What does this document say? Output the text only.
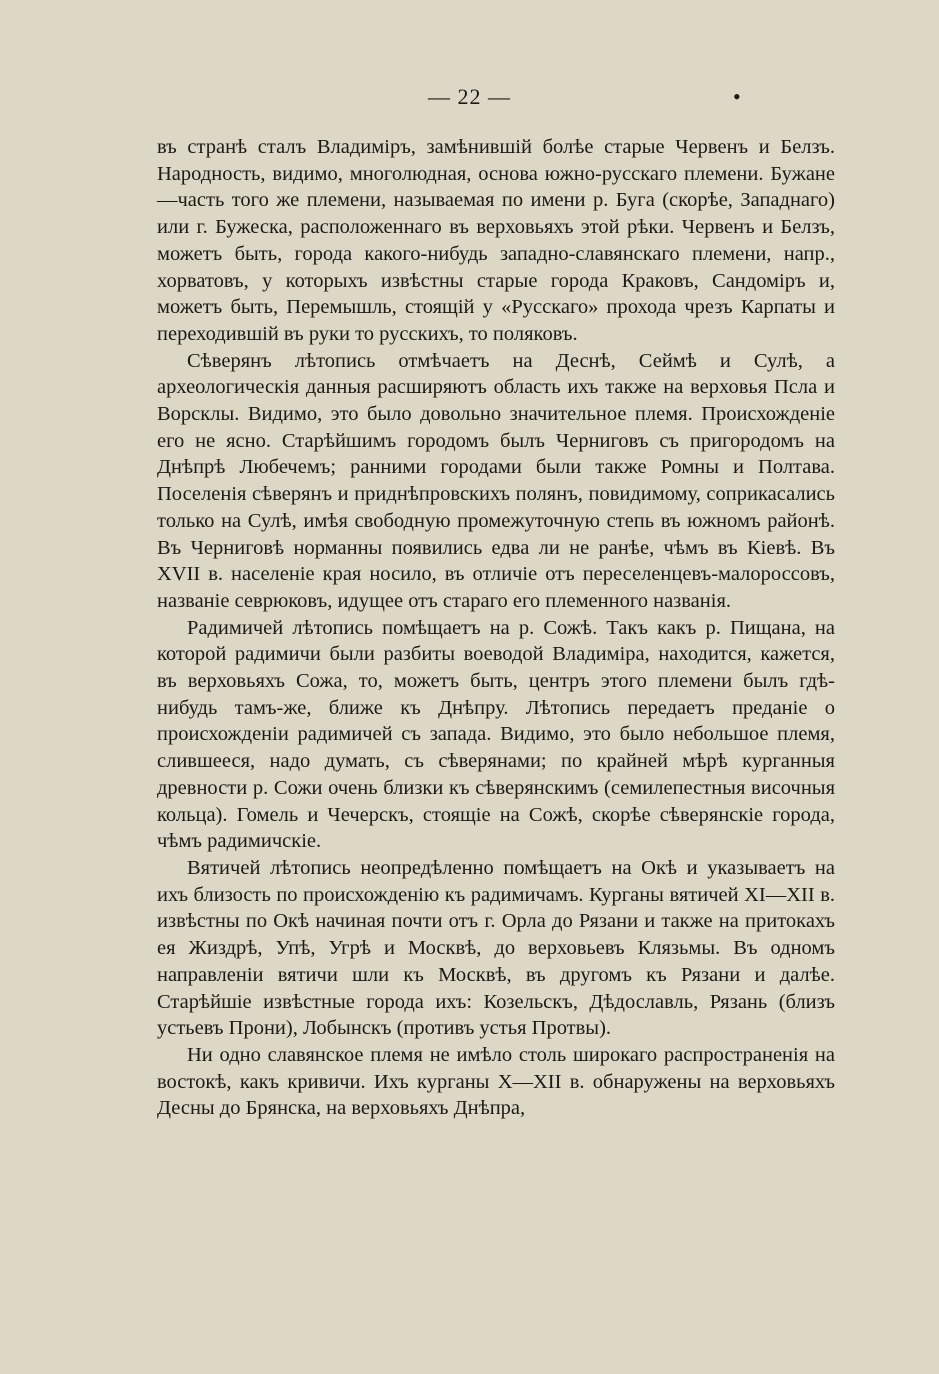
— 22 —	•

въ странѣ сталъ Владиміръ, замѣнившій болѣе старые Червенъ и Белзъ. Народность, видимо, многолюдная, основа южно-русскаго племени. Бужане—часть того же племени, называемая по имени р. Буга (скорѣе, Западнаго) или г. Бужеска, расположеннаго въ верховьяхъ этой рѣки. Червенъ и Белзъ, можетъ быть, города какого-нибудь западно-славянскаго племени, напр., хорватовъ, у которыхъ извѣстны старые города Краковъ, Сандоміръ и, можетъ быть, Перемышль, стоящій у «Русскаго» прохода чрезъ Карпаты и переходившій въ руки то русскихъ, то поляковъ.

Сѣверянъ лѣтопись отмѣчаетъ на Деснѣ, Сеймѣ и Сулѣ, а археологическія данныя расширяютъ область ихъ также на верховья Псла и Ворсклы. Видимо, это было довольно значительное племя. Происхожденіе его не ясно. Старѣйшимъ городомъ былъ Черниговъ съ пригородомъ на Днѣпрѣ Любечемъ; ранними городами были также Ромны и Полтава. Поселенія сѣверянъ и приднѣпровскихъ полянъ, повидимому, соприкасались только на Сулѣ, имѣя свободную промежуточную степь въ южномъ районѣ. Въ Черниговѣ норманны появились едва ли не ранѣе, чѣмъ въ Кіевѣ. Въ XVII в. населеніе края носило, въ отличіе отъ переселенцевъ-малороссовъ, названіе севрюковъ, идущее отъ стараго его племенного названія.

Радимичей лѣтопись помѣщаетъ на р. Сожѣ. Такъ какъ р. Пищана, на которой радимичи были разбиты воеводой Владиміра, находится, кажется, въ верховьяхъ Сожа, то, можетъ быть, центръ этого племени былъ гдѣ-нибудь тамъ-же, ближе къ Днѣпру. Лѣтопись передаетъ преданіе о происхожденіи радимичей съ запада. Видимо, это было небольшое племя, слившееся, надо думать, съ сѣверянами; по крайней мѣрѣ курганныя древности р. Сожи очень близки къ сѣверянскимъ (семилепестныя височныя кольца). Гомель и Чечерскъ, стоящіе на Сожѣ, скорѣе сѣверянскіе города, чѣмъ радимичскіе.

Вятичей лѣтопись неопредѣленно помѣщаетъ на Окѣ и указываетъ на ихъ близость по происхожденію къ радимичамъ. Курганы вятичей XI—XII в. извѣстны по Окѣ начиная почти отъ г. Орла до Рязани и также на притокахъ ея Жиздрѣ, Упѣ, Угрѣ и Москвѣ, до верховьевъ Клязьмы. Въ одномъ направленіи вятичи шли къ Москвѣ, въ другомъ къ Рязани и далѣе. Старѣйшіе извѣстные города ихъ: Козельскъ, Дѣдославль, Рязань (близъ устьевъ Прони), Лобынскъ (противъ устья Протвы).

Ни одно славянское племя не имѣло столь широкаго распространенія на востокѣ, какъ кривичи. Ихъ курганы X—XII в. обнаружены на верховьяхъ Десны до Брянска, на верховьяхъ Днѣпра,
